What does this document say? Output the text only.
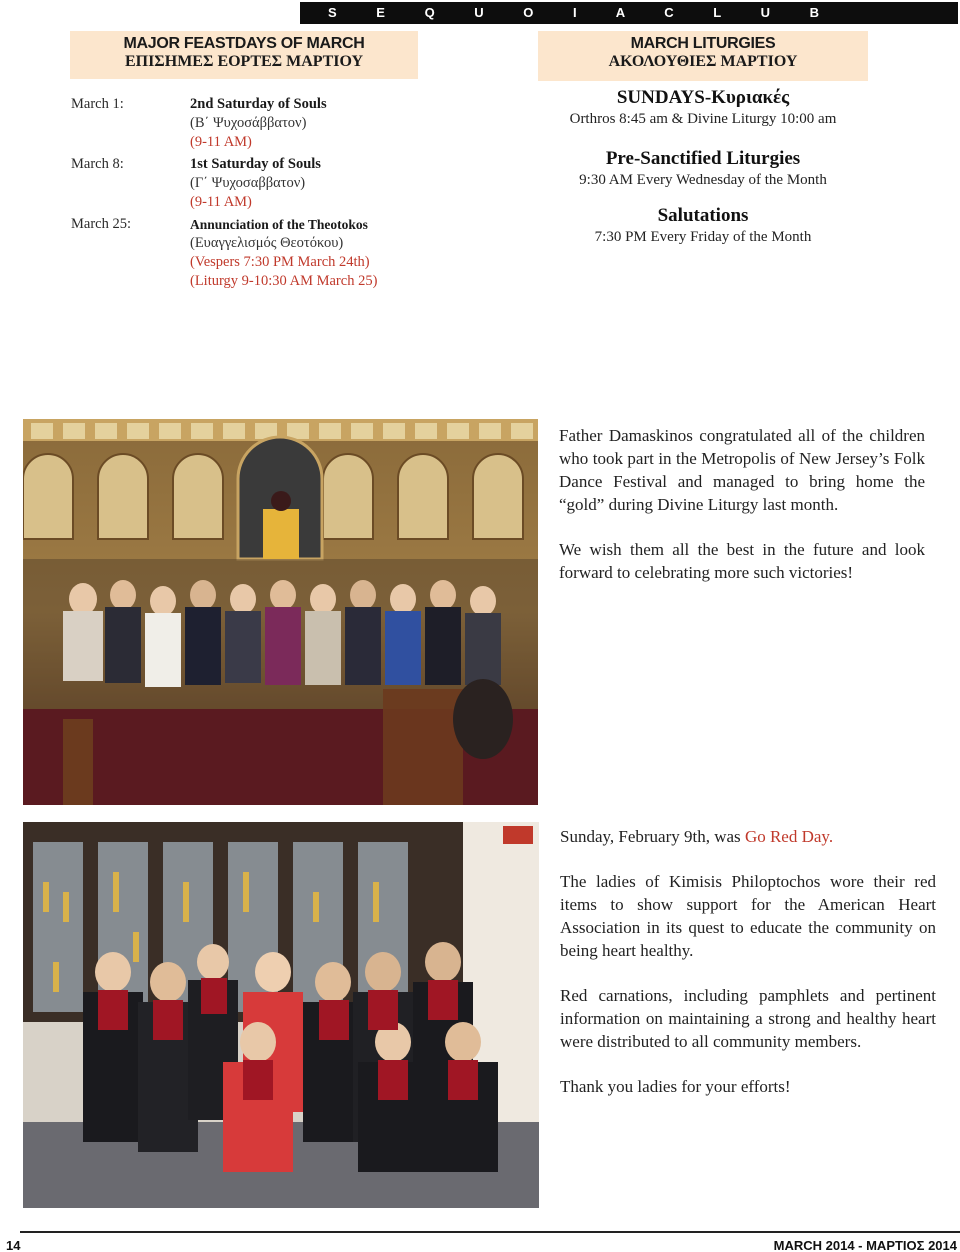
S E Q U O I A C L U B
MAJOR FEASTDAYS OF MARCH
ΕΠΙΣΗΜΕΣ ΕΟΡΤΕΣ ΜΑΡΤΙΟΥ
MARCH LITURGIES
ΑΚΟΛΟΥΘΙΕΣ ΜΑΡΤΙΟΥ
March 1:	2nd Saturday of Souls
(Β΄ Ψυχοσάββατον)
(9-11 AM)
March 8:	1st Saturday of Souls
(Γ΄ Ψυχοσαββατον)
(9-11 AM)
March 25:	Annunciation of the Theotokos
(Ευαγγελισμός Θεοτόκου)
(Vespers 7:30 PM March 24th)
(Liturgy 9-10:30 AM March 25)
SUNDAYS-Κυριακές
Orthros 8:45 am & Divine Liturgy 10:00 am
Pre-Sanctified Liturgies
9:30 AM Every Wednesday of the Month
Salutations
7:30 PM Every Friday of the Month

Father Damaskinos congratulated all of the children who took part in the Metropolis of New Jersey’s Folk Dance Festival and managed to bring home the “gold” during Divine Liturgy last month.

We wish them all the best in the future and look forward to celebrating more such victories!

Sunday, February 9th, was Go Red Day.

The ladies of Kimisis Philoptochos wore their red items to show support for the American Heart Association in its quest to educate the community on being heart healthy.

Red carnations, including pamphlets and pertinent information on maintaining a strong and healthy heart were distributed to all community members.

Thank you ladies for your efforts!

14	MARCH 2014 - ΜΑΡΤΙΟΣ 2014
